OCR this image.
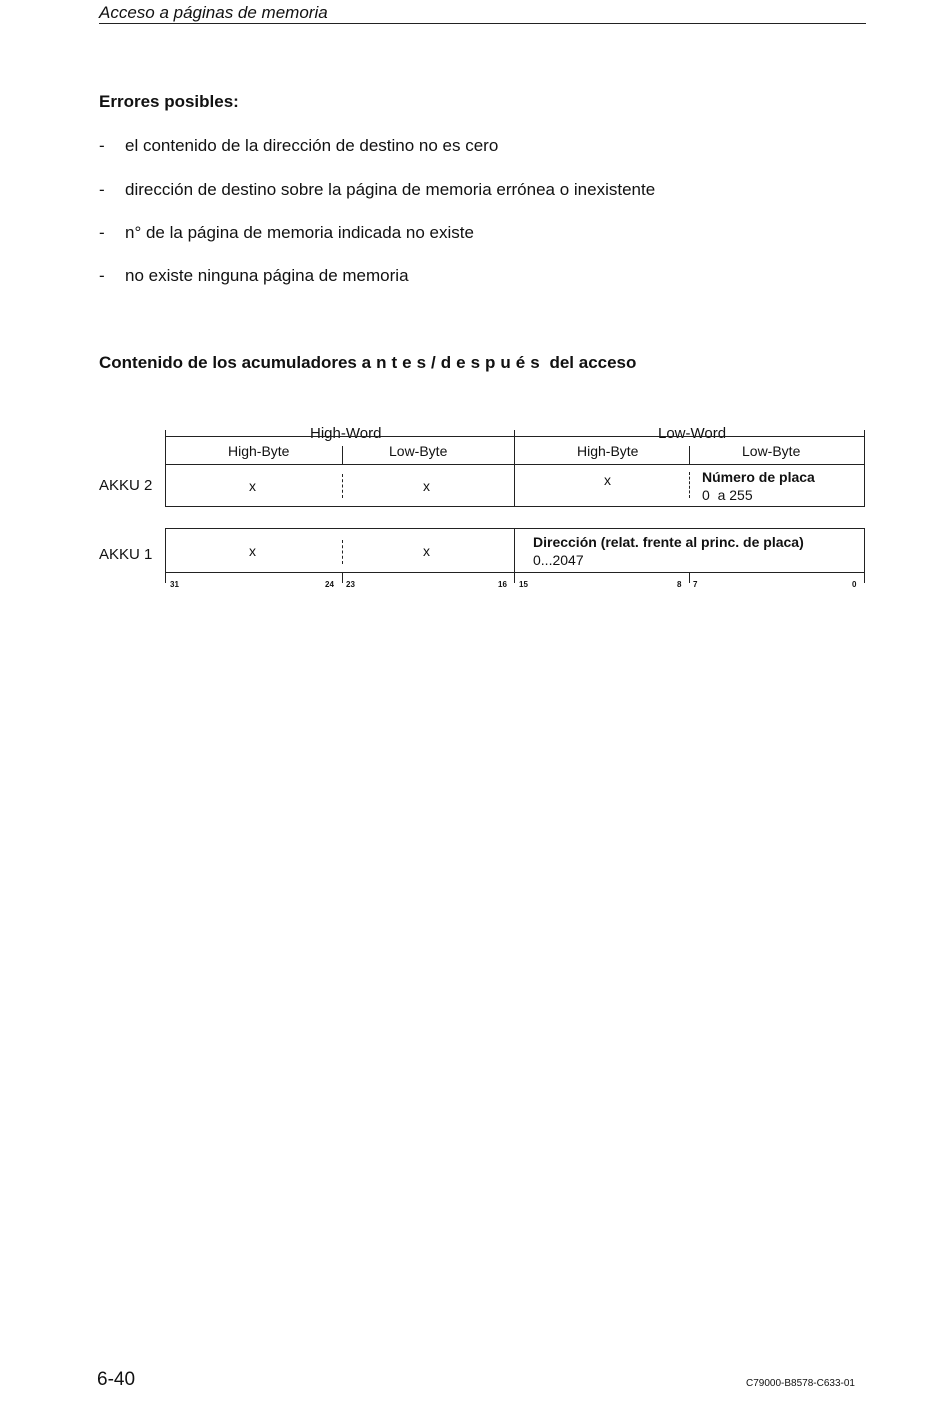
Acceso a páginas de memoria
Errores posibles:
- el contenido de la dirección de destino no es cero
- dirección de destino sobre la página de memoria errónea o inexistente
- n° de la página de memoria indicada no existe
- no existe ninguna página de memoria
Contenido de los acumuladores antes/después del acceso
High-Word	Low-Word
High-Byte	Low-Byte	High-Byte	Low-Byte
AKKU 2	x	x	x	Número de placa
0  a 255
AKKU 1	x	x
Dirección (relat. frente al princ. de placa)
0...2047
31	24 23	16 15	8 7	0
6-40	C79000-B8578-C633-01
